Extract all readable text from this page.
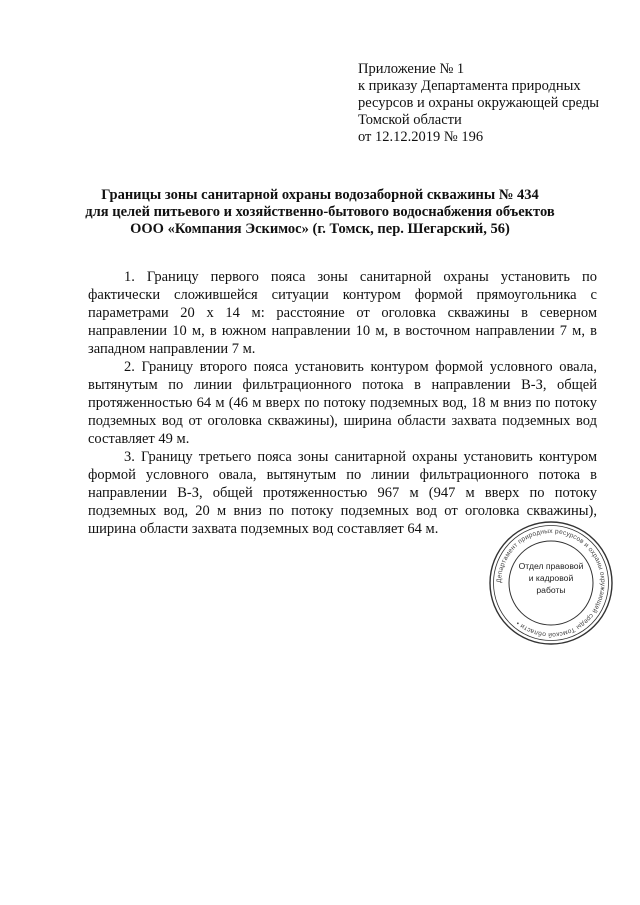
Приложение № 1
к приказу Департамента природных
ресурсов и охраны окружающей среды
Томской области
от 12.12.2019 № 196
Границы зоны санитарной охраны водозаборной скважины № 434
для целей питьевого и хозяйственно-бытового водоснабжения объектов
ООО «Компания Эскимос» (г. Томск, пер. Шегарский, 56)

1. Границу первого пояса зоны санитарной охраны установить по фактически сложившейся ситуации контуром формой прямоугольника с параметрами 20 х 14 м: расстояние от оголовка скважины в северном направлении 10 м, в южном направлении 10 м, в восточном направлении 7 м, в западном направлении 7 м.

2. Границу второго пояса установить контуром формой условного овала, вытянутым по линии фильтрационного потока в направлении В-З, общей протяженностью 64 м (46 м вверх по потоку подземных вод, 18 м вниз по потоку подземных вод от оголовка скважины), ширина области захвата подземных вод составляет 49 м.

3. Границу третьего пояса зоны санитарной охраны установить контуром формой условного овала, вытянутым по линии фильтрационного потока в направлении В-З, общей протяженностью 967 м (947 м вверх по потоку подземных вод, 20 м вниз по потоку подземных вод от оголовка скважины), ширина области захвата подземных вод составляет 64 м.

Департамент природных ресурсов и охраны окружающей среды Томской области •
Отдел правовой
и кадровой
работы
